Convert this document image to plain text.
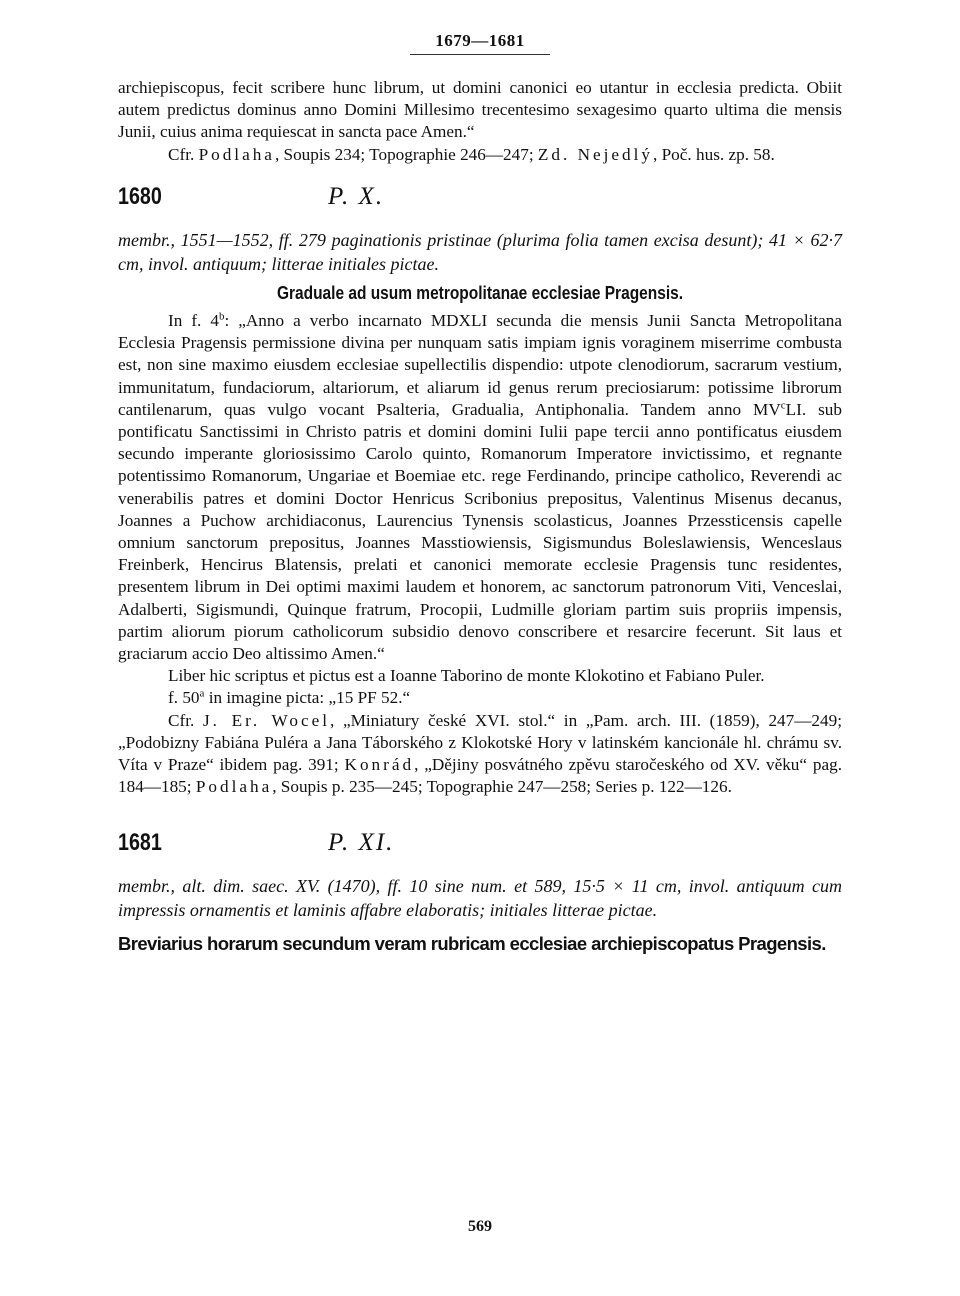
1679—1681

archiepiscopus, fecit scribere hunc librum, ut domini canonici eo utantur in ecclesia predicta. Obiit autem predictus dominus anno Domini Millesimo trecentesimo sexagesimo quarto ultima die mensis Junii, cuius anima requiescat in sancta pace Amen.“

Cfr. Podlaha, Soupis 234; Topographie 246—247; Zd. Nejedlý, Poč. hus. zp. 58.

1680	P. X.
membr., 1551—1552, ff. 279 paginationis pristinae (plurima folia tamen excisa desunt); 41 × 62·7 cm, invol. antiquum; litterae initiales pictae.
Graduale ad usum metropolitanae ecclesiae Pragensis.

In f. 4$^b$: „Anno a verbo incarnato MDXLI secunda die mensis Junii Sancta Metropolitana Ecclesia Pragensis permissione divina per nunquam satis impiam ignis voraginem miserrime combusta est, non sine maximo eiusdem ecclesiae supellectilis dispendio: utpote clenodiorum, sacrarum vestium, immunitatum, fundaciorum, altariorum, et aliarum id genus rerum preciosiarum: potissime librorum cantilenarum, quas vulgo vocant Psalteria, Gradualia, Antiphonalia. Tandem anno $MV^cLI$. sub pontificatu Sanctissimi in Christo patris et domini domini Iulii pape tercii anno pontificatus eiusdem secundo imperante gloriosissimo Carolo quinto, Romanorum Imperatore invictissimo, et regnante potentissimo Romanorum, Ungariae et Boemiae etc. rege Ferdinando, principe catholico, Reverendi ac venerabilis patres et domini Doctor Henricus Scribonius prepositus, Valentinus Misenus decanus, Joannes a Puchow archidiaconus, Laurencius Tynensis scolasticus, Joannes Przessticensis capelle omnium sanctorum prepositus, Joannes Masstiowiensis, Sigismundus Boleslawiensis, Wenceslaus Freinberk, Hencirus Blatensis, prelati et canonici memorate ecclesie Pragensis tunc residentes, presentem librum in Dei optimi maximi laudem et honorem, ac sanctorum patronorum Viti, Venceslai, Adalberti, Sigismundi, Quinque fratrum, Procopii, Ludmille gloriam partim suis propriis impensis, partim aliorum piorum catholicorum subsidio denovo conscribere et resarcire fecerunt. Sit laus et graciarum accio Deo altissimo Amen.“

Liber hic scriptus et pictus est a Ioanne Taborino de monte Klokotino et Fabiano Puler.

f. 50$^a$ in imagine picta: „15 PF 52.“

Cfr. J. Er. Wocel, „Miniatury české XVI. stol.“ in „Pam. arch. III. (1859), 247—249; „Podobizny Fabiána Puléra a Jana Táborského z Klokotské Hory v latinském kancionále hl. chrámu sv. Víta v Praze“ ibidem pag. 391; Konrád, „Dějiny posvátného zpěvu staročeského od XV. věku“ pag. 184—185; Podlaha, Soupis p. 235—245; Topographie 247—258; Series p. 122—126.

1681	P. XI.
membr., alt. dim. saec. XV. (1470), ff. 10 sine num. et 589, 15·5 × 11 cm, invol. antiquum cum impressis ornamentis et laminis affabre elaboratis; initiales litterae pictae.
Breviarius horarum secundum veram rubricam ecclesiae archiepiscopatus Pragensis.
569
